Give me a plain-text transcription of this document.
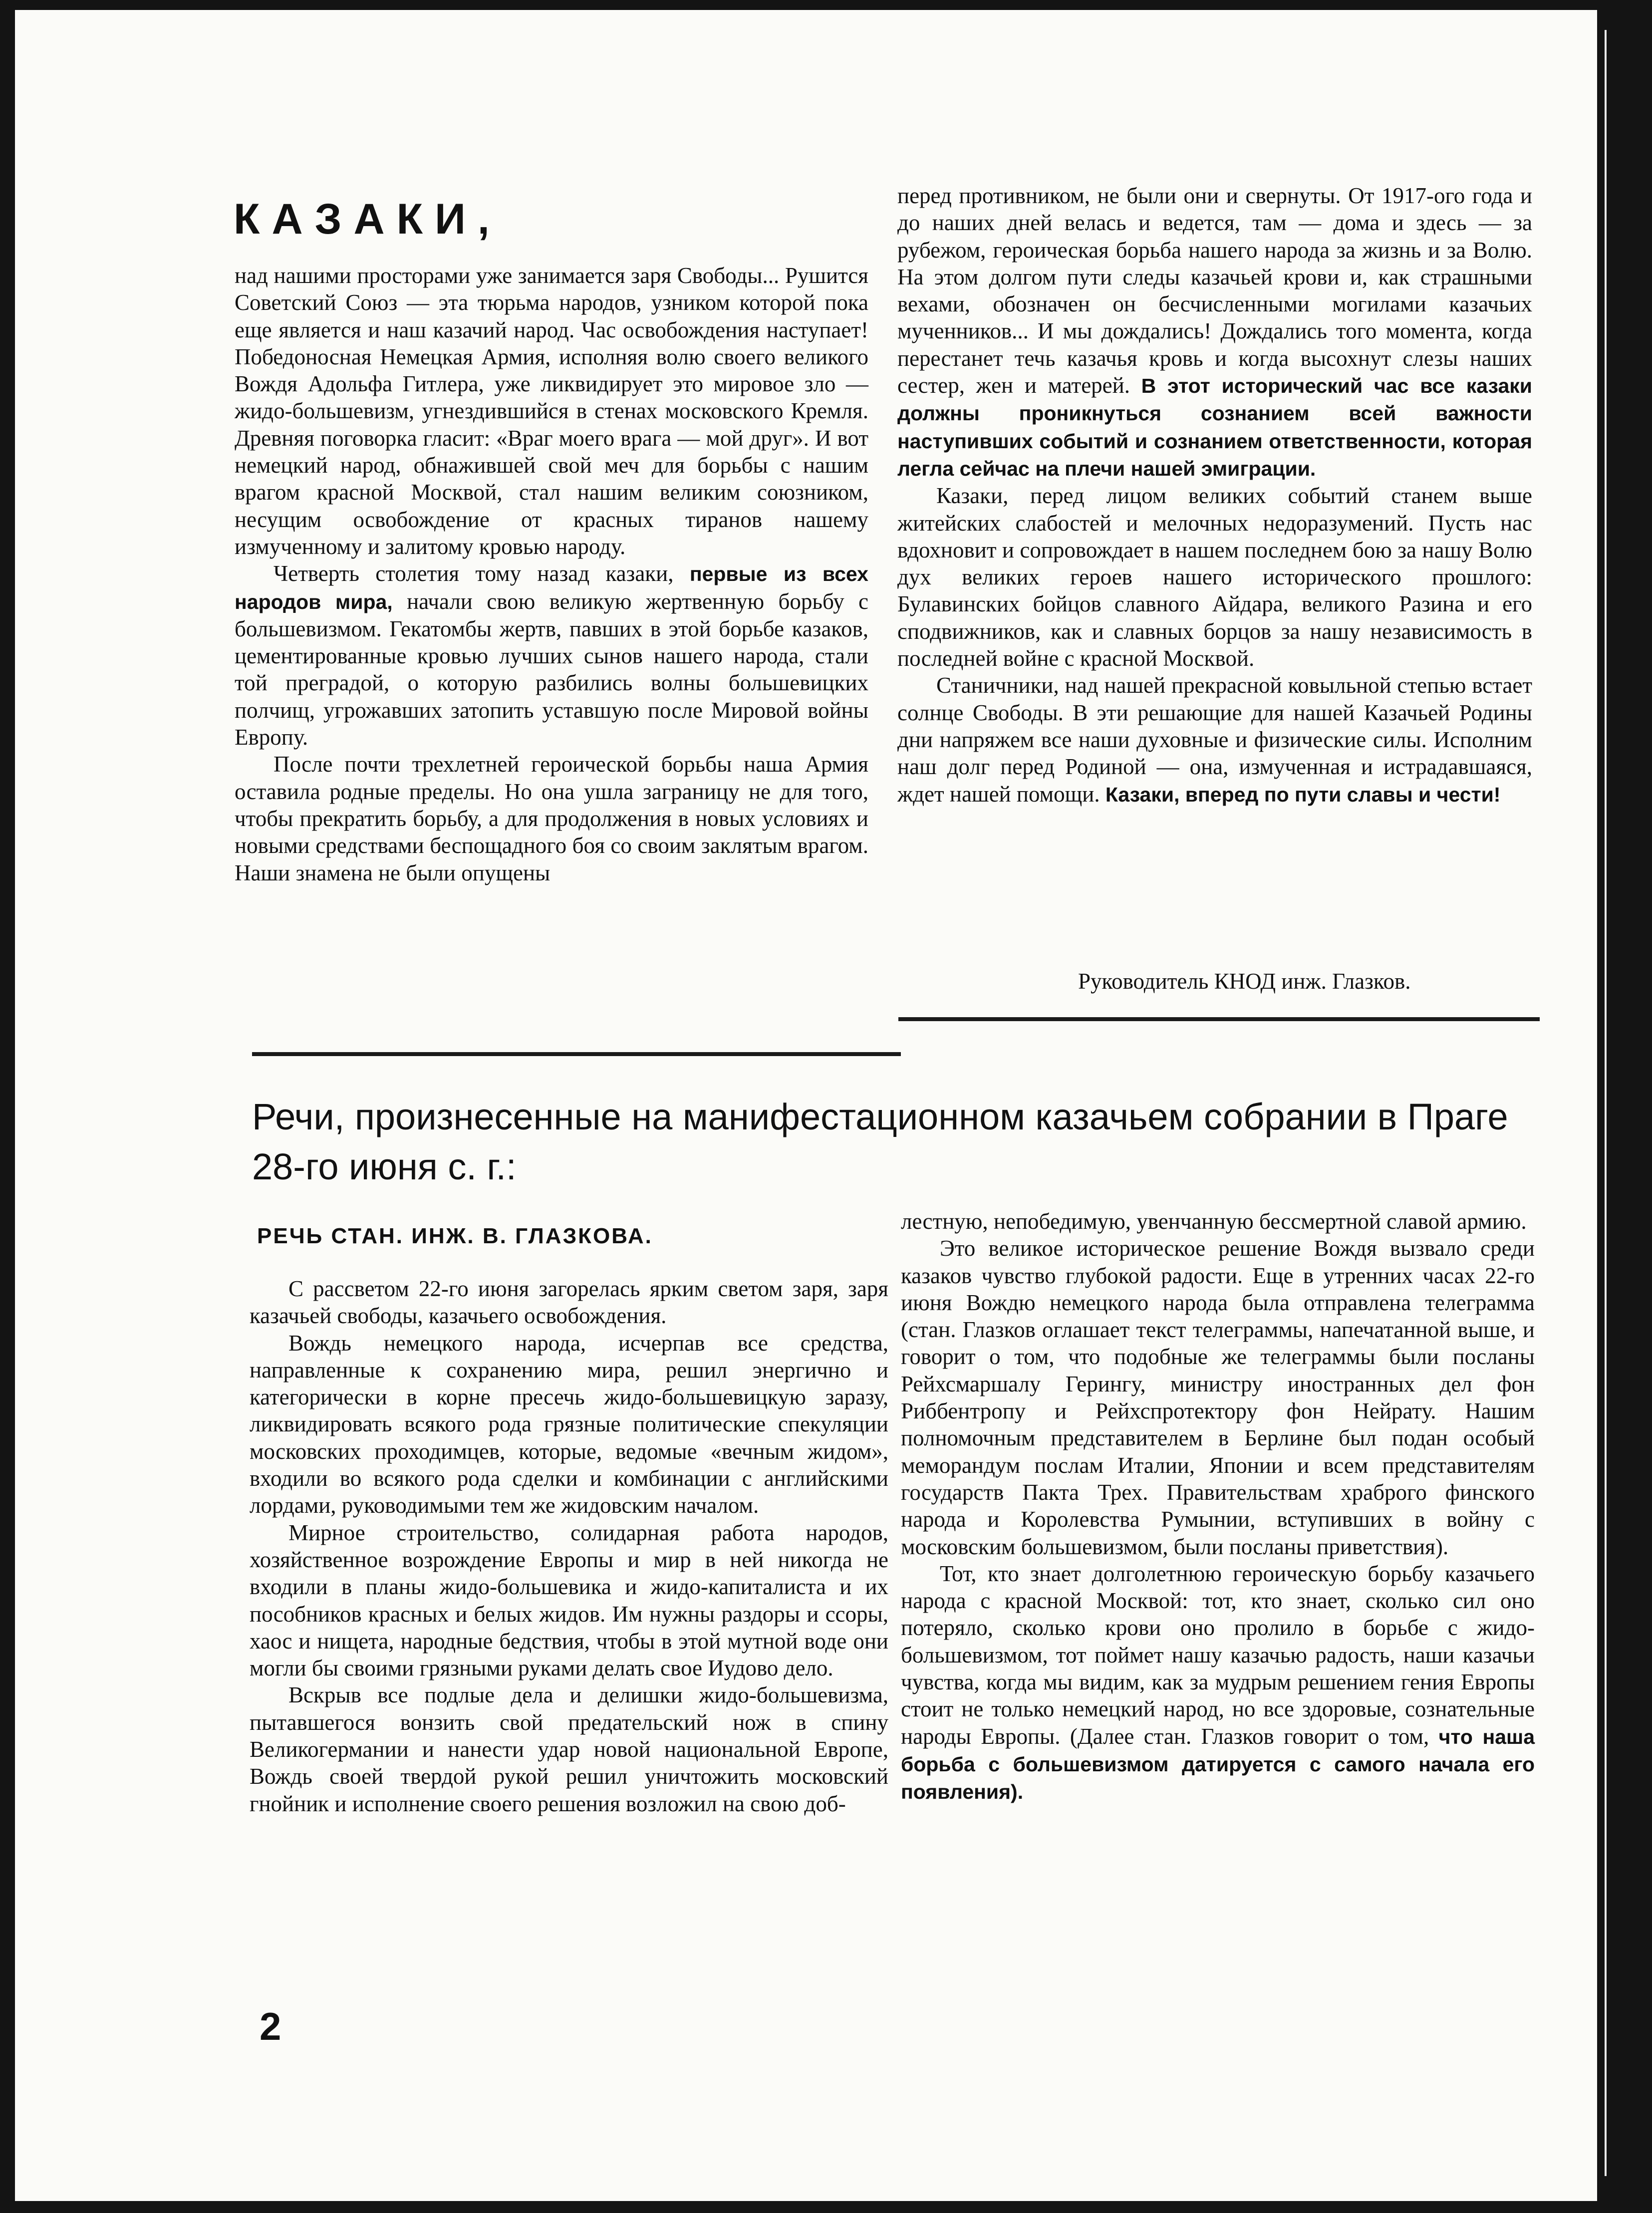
КАЗАКИ,

над нашими просторами уже занимается заря Свободы... Рушится Советский Союз — эта тюрьма народов, узником которой пока еще является и наш казачий народ. Час освобождения наступает! Победоносная Немецкая Армия, исполняя волю своего великого Вождя Адольфа Гитлера, уже ликвидирует это мировое зло — жидо-большевизм, угнездившийся в стенах московского Кремля. Древняя поговорка гласит: «Враг моего врага — мой друг». И вот немецкий народ, обнажившей свой меч для борьбы с нашим врагом красной Москвой, стал нашим великим союзником, несущим освобождение от красных тиранов нашему измученному и залитому кровью народу.

Четверть столетия тому назад казаки, первые из всех народов мира, начали свою великую жертвенную борьбу с большевизмом. Гекатомбы жертв, павших в этой борьбе казаков, цементированные кровью лучших сынов нашего народа, стали той преградой, о которую разбились волны большевицких полчищ, угрожавших затопить уставшую после Мировой войны Европу.

После почти трехлетней героической борьбы наша Армия оставила родные пределы. Но она ушла заграницу не для того, чтобы прекратить борьбу, а для продолжения в новых условиях и новыми средствами беспощадного боя со своим заклятым врагом. Наши знамена не были опущены

перед противником, не были они и свернуты. От 1917-ого года и до наших дней велась и ведется, там — дома и здесь — за рубежом, героическая борьба нашего народа за жизнь и за Волю. На этом долгом пути следы казачьей крови и, как страшными вехами, обозначен он бесчисленными могилами казачьих мученников... И мы дождались! Дождались того момента, когда перестанет течь казачья кровь и когда высохнут слезы наших сестер, жен и матерей. В этот исторический час все казаки должны проникнуться сознанием всей важности наступивших событий и сознанием ответственности, которая легла сейчас на плечи нашей эмиграции.

Казаки, перед лицом великих событий станем выше житейских слабостей и мелочных недоразумений. Пусть нас вдохновит и сопровождает в нашем последнем бою за нашу Волю дух великих героев нашего исторического прошлого: Булавинских бойцов славного Айдара, великого Разина и его сподвижников, как и славных борцов за нашу независимость в последней войне с красной Москвой.

Станичники, над нашей прекрасной ковыльной степью встает солнце Свободы. В эти решающие для нашей Казачьей Родины дни напряжем все наши духовные и физические силы. Исполним наш долг перед Родиной — она, измученная и истрадавшаяся, ждет нашей помощи. Казаки, вперед по пути славы и чести!

Руководитель КНОД инж. Глазков.

Речи, произнесенные на манифестационном казачьем собрании в Праге 28-го июня с. г.:
РЕЧЬ СТАН. ИНЖ. В. ГЛАЗКОВА.

С рассветом 22-го июня загорелась ярким светом заря, заря казачьей свободы, казачьего освобождения.

Вождь немецкого народа, исчерпав все средства, направленные к сохранению мира, решил энергично и категорически в корне пресечь жидо-большевицкую заразу, ликвидировать всякого рода грязные политические спекуляции московских проходимцев, которые, ведомые «вечным жидом», входили во всякого рода сделки и комбинации с английскими лордами, руководимыми тем же жидовским началом.

Мирное строительство, солидарная работа народов, хозяйственное возрождение Европы и мир в ней никогда не входили в планы жидо-большевика и жидо-капиталиста и их пособников красных и белых жидов. Им нужны раздоры и ссоры, хаос и нищета, народные бедствия, чтобы в этой мутной воде они могли бы своими грязными руками делать свое Иудово дело.

Вскрыв все подлые дела и делишки жидо-большевизма, пытавшегося вонзить свой предательский нож в спину Великогермании и нанести удар новой национальной Европе, Вождь своей твердой рукой решил уничтожить московский гнойник и исполнение своего решения возложил на свою доб-

лестную, непобедимую, увенчанную бессмертной славой армию.

Это великое историческое решение Вождя вызвало среди казаков чувство глубокой радости. Еще в утренних часах 22-го июня Вождю немецкого народа была отправлена телеграмма (стан. Глазков оглашает текст телеграммы, напечатанной выше, и говорит о том, что подобные же телеграммы были посланы Рейхсмаршалу Герингу, министру иностранных дел фон Риббентропу и Рейхспротектору фон Нейрату. Нашим полномочным представителем в Берлине был подан особый меморандум послам Италии, Японии и всем представителям государств Пакта Трех. Правительствам храброго финского народа и Королевства Румынии, вступивших в войну с московским большевизмом, были посланы приветствия).

Тот, кто знает долголетнюю героическую борьбу казачьего народа с красной Москвой: тот, кто знает, сколько сил оно потеряло, сколько крови оно пролило в борьбе с жидо-большевизмом, тот поймет нашу казачью радость, наши казачьи чувства, когда мы видим, как за мудрым решением гения Европы стоит не только немецкий народ, но все здоровые, сознательные народы Европы. (Далее стан. Глазков говорит о том, что наша борьба с большевизмом датируется с самого начала его появления).

2
